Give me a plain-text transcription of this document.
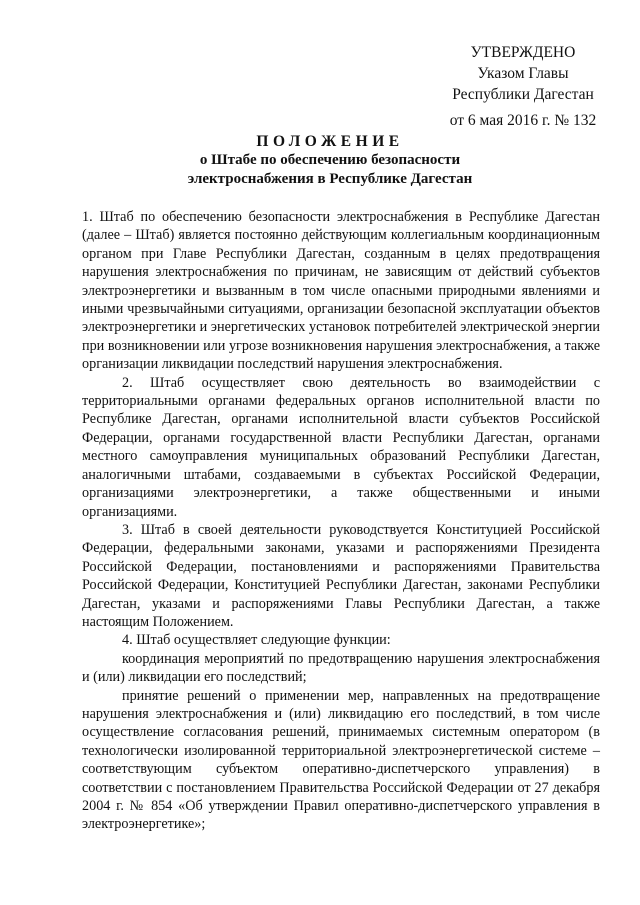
УТВЕРЖДЕНО
Указом Главы
Республики Дагестан
от 6 мая 2016 г. № 132
ПОЛОЖЕНИЕ
о Штабе по обеспечению безопасности
электроснабжения в Республике Дагестан

1. Штаб по обеспечению безопасности электроснабжения в Республике Дагестан (далее – Штаб) является постоянно действующим коллегиальным координационным органом при Главе Республики Дагестан, созданным в целях предотвращения нарушения электроснабжения по причинам, не зависящим от действий субъектов электроэнергетики и вызванным в том числе опасными природными явлениями и иными чрезвычайными ситуациями, организации безопасной эксплуатации объектов электроэнергетики и энергетических установок потребителей электрической энергии при возникновении или угрозе возникновения нарушения электроснабжения, а также организации ликвидации последствий нарушения электроснабжения.

2. Штаб осуществляет свою деятельность во взаимодействии с территориальными органами федеральных органов исполнительной власти по Республике Дагестан, органами исполнительной власти субъектов Российской Федерации, органами государственной власти Республики Дагестан, органами местного самоуправления муниципальных образований Республики Дагестан, аналогичными штабами, создаваемыми в субъектах Российской Федерации, организациями электроэнергетики, а также общественными и иными организациями.

3. Штаб в своей деятельности руководствуется Конституцией Российской Федерации, федеральными законами, указами и распоряжениями Президента Российской Федерации, постановлениями и распоряжениями Правительства Российской Федерации, Конституцией Республики Дагестан, законами Республики Дагестан, указами и распоряжениями Главы Республики Дагестан, а также настоящим Положением.

4. Штаб осуществляет следующие функции:

координация мероприятий по предотвращению нарушения электроснабжения и (или) ликвидации его последствий;

принятие решений о применении мер, направленных на предотвращение нарушения электроснабжения и (или) ликвидацию его последствий, в том числе осуществление согласования решений, принимаемых системным оператором (в технологически изолированной территориальной электроэнергетической системе – соответствующим субъектом оперативно-диспетчерского управления) в соответствии с постановлением Правительства Российской Федерации от 27 декабря 2004 г. № 854 «Об утверждении Правил оперативно-диспетчерского управления в электроэнергетике»;
